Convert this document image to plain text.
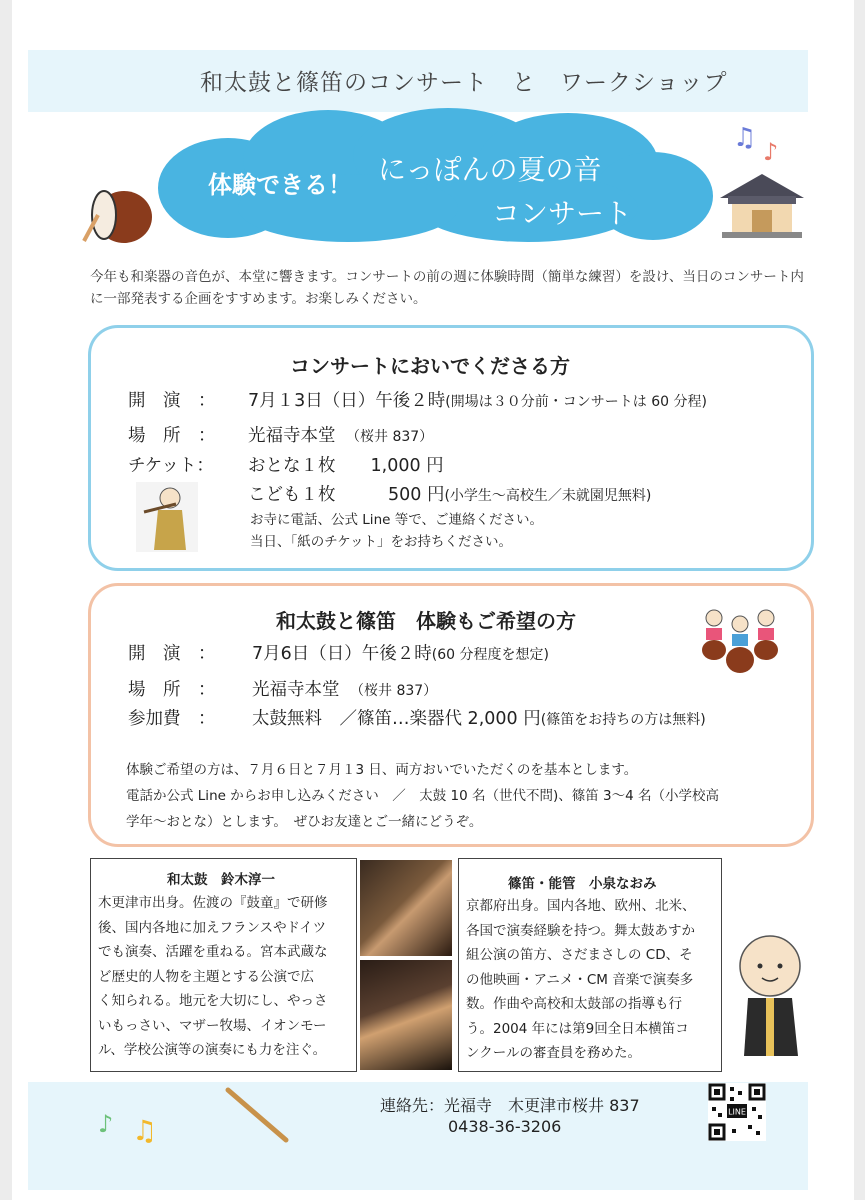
和太鼓と篠笛のコンサート　と　ワークショップ
体験できる！ にっぽんの夏の音
コンサート
♫ ♪
今年も和楽器の音色が、本堂に響きます。コンサートの前の週に体験時間（簡単な練習）を設け、当日のコンサート内に一部発表する企画をすすめます。お楽しみください。
コンサートにおいでくださる方
開　演　： 7月１3日（日）午後２時(開場は３０分前・コンサートは 60 分程)
場　所　： 光福寺本堂　 （桜井 837）
チケット： おとな１枚　　1,000 円
こども１枚　　　500 円(小学生～高校生／未就園児無料)
お寺に電話、公式 Line 等で、ご連絡ください。
当日、「紙のチケット」をお持ちください。
和太鼓と篠笛　体験もご希望の方
開　演　： 7月6日（日）午後２時(60 分程度を想定)
場　所　： 光福寺本堂　 （桜井 837）
参加費　： 太鼓無料　／篠笛…楽器代 2,000 円(篠笛をお持ちの方は無料)
体験ご希望の方は、７月６日と７月１3 日、両方おいでいただくのを基本とします。
電話か公式 Line からお申し込みください　／　太鼓 10 名（世代不問)、篠笛 3～4 名（小学校高
学年～おとな）とします。　ぜひお友達とご一緒にどうぞ。
和太鼓　鈴木淳一
木更津市出身。佐渡の『鼓童』で研修
後、国内各地に加えフランスやドイツ
でも演奏、活躍を重ねる。宮本武蔵な
ど歴史的人物を主題とする公演で広
く知られる。地元を大切にし、やっさ
いもっさい、マザー牧場、イオンモー
ル、学校公演等の演奏にも力を注ぐ。
篠笛・能管　小泉なおみ
京都府出身。国内各地、欧州、北米、
各国で演奏経験を持つ。舞太鼓あすか
組公演の笛方、さだまさしの CD、そ
の他映画・アニメ・CM 音楽で演奏多
数。作曲や高校和太鼓部の指導も行
う。2004 年には第9回全日本横笛コ
ンクールの審査員を務めた。
♪ ♫
連絡先：光福寺　木更津市桜井 837
0438-36-3206
LINE
